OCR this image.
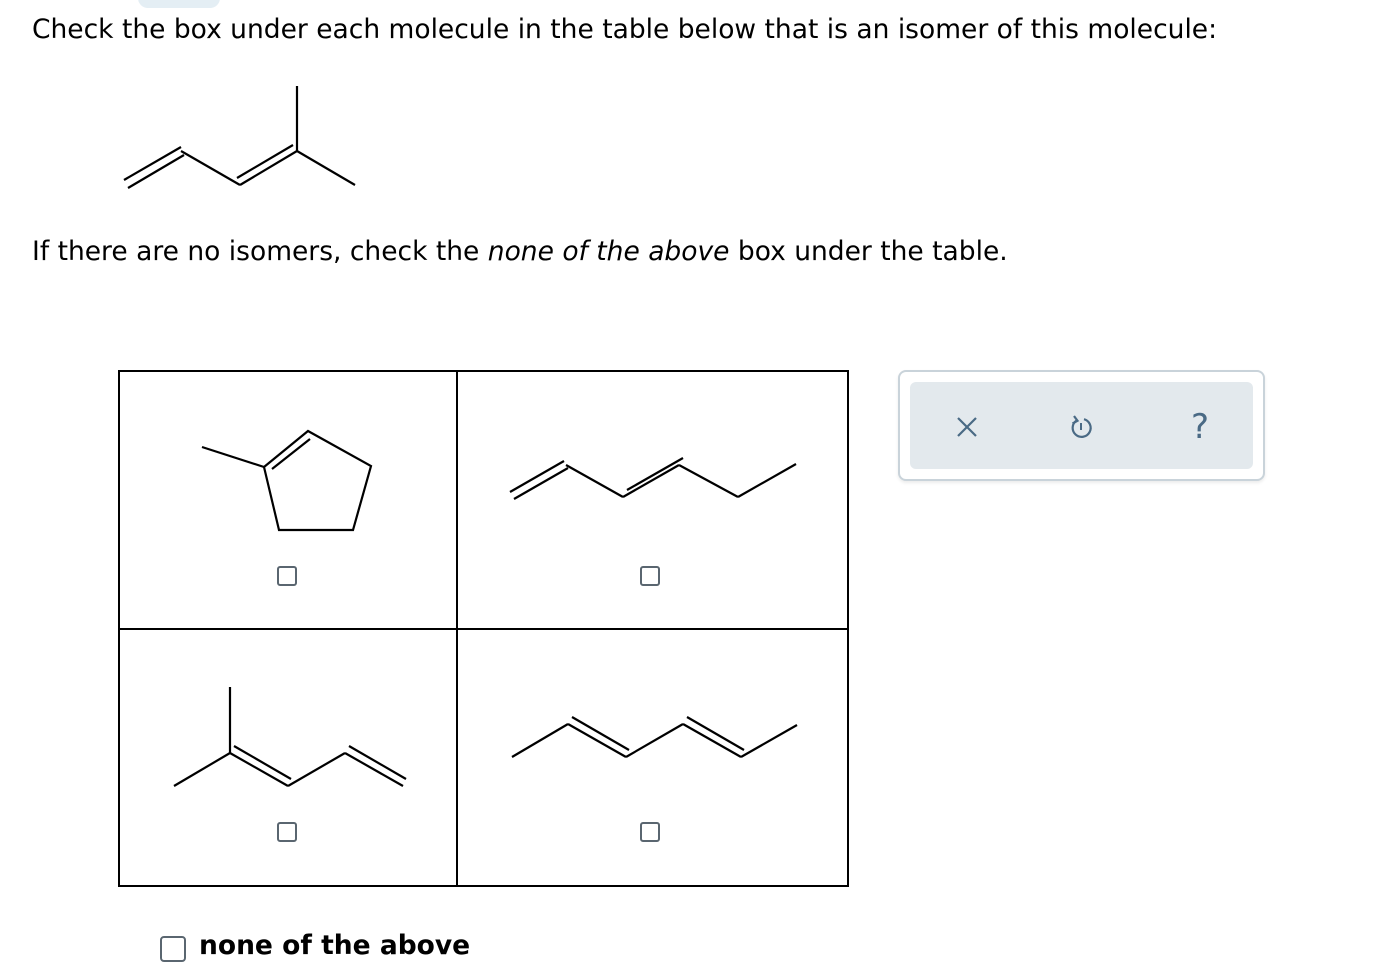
Check the box under each molecule in the table below that is an isomer of this molecule:
If there are no isomers, check the none of the above box under the table.
?
none of the above
